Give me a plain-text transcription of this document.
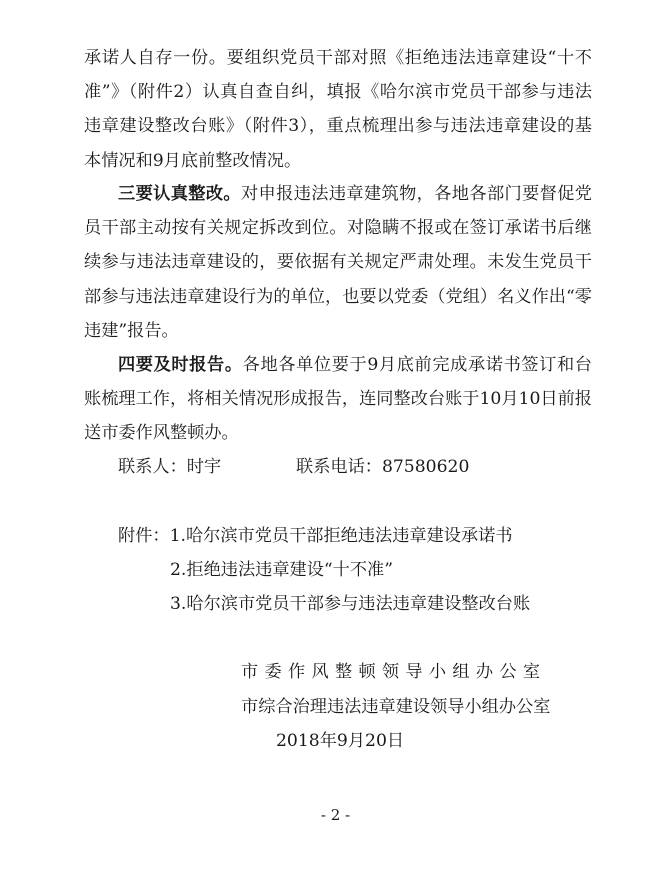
承诺人自存一份。要组织党员干部对照《拒绝违法违章建设“十不准”》（附件2）认真自查自纠，填报《哈尔滨市党员干部参与违法违章建设整改台账》（附件3），重点梳理出参与违法违章建设的基本情况和9月底前整改情况。

三要认真整改。对申报违法违章建筑物，各地各部门要督促党员干部主动按有关规定拆改到位。对隐瞒不报或在签订承诺书后继续参与违法违章建设的，要依据有关规定严肃处理。未发生党员干部参与违法违章建设行为的单位，也要以党委（党组）名义作出“零违建”报告。

四要及时报告。各地各单位要于9月底前完成承诺书签订和台账梳理工作，将相关情况形成报告，连同整改台账于10月10日前报送市委作风整顿办。

联系人：时宇	联系电话：87580620
附件：1.哈尔滨市党员干部拒绝违法违章建设承诺书
2.拒绝违法违章建设“十不准”
3.哈尔滨市党员干部参与违法违章建设整改台账
市委作风整顿领导小组办公室
市综合治理违法违章建设领导小组办公室
2018年9月20日
- 2 -
